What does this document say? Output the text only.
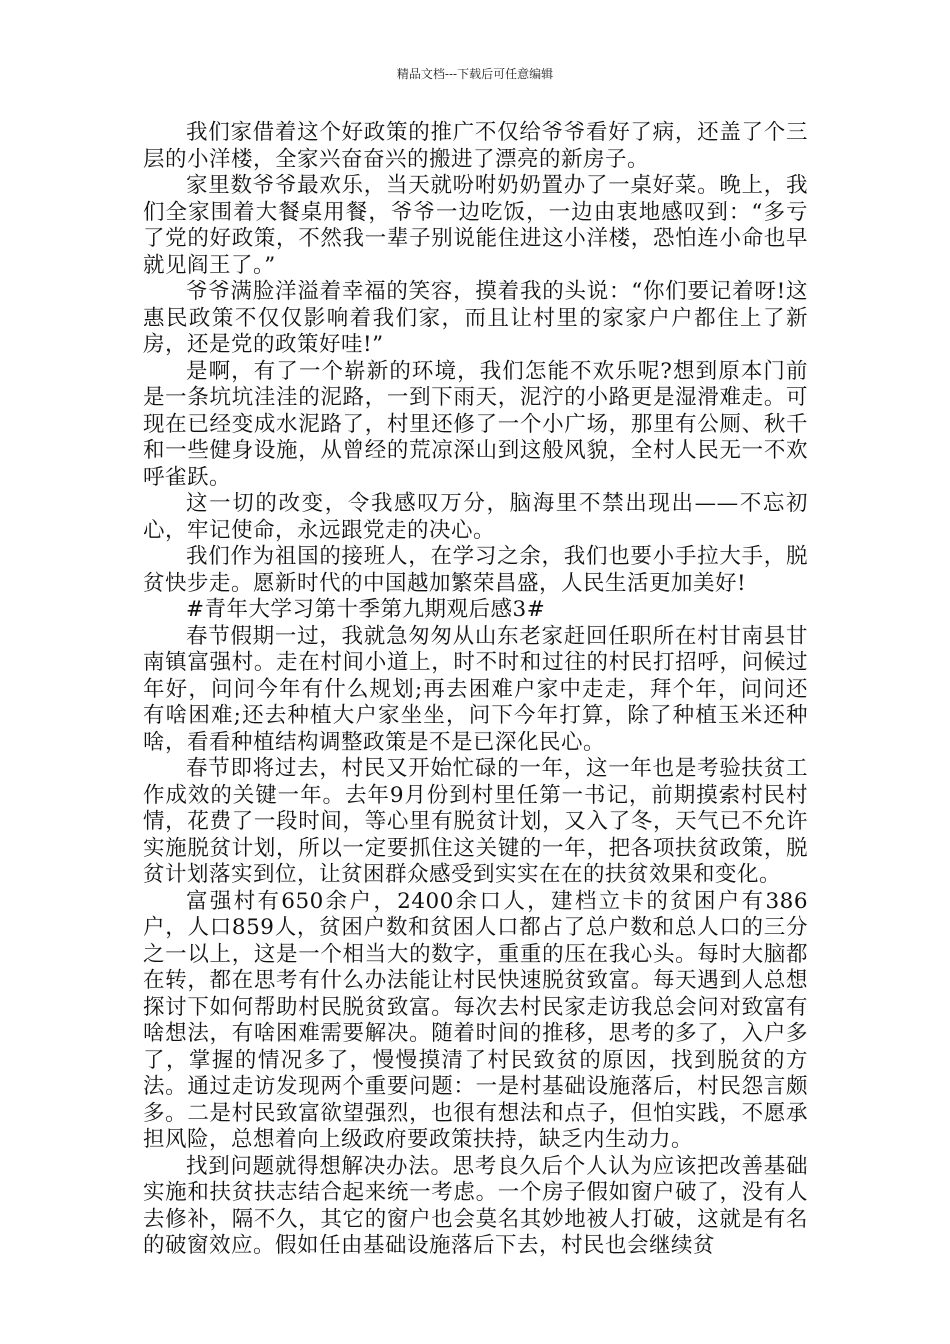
精品文档---下载后可任意编辑

我们家借着这个好政策的推广不仅给爷爷看好了病，还盖了个三层的小洋楼，全家兴奋奋兴的搬进了漂亮的新房子。

家里数爷爷最欢乐，当天就吩咐奶奶置办了一桌好菜。晚上，我们全家围着大餐桌用餐，爷爷一边吃饭，一边由衷地感叹到：“多亏了党的好政策，不然我一辈子别说能住进这小洋楼，恐怕连小命也早就见阎王了。”

爷爷满脸洋溢着幸福的笑容，摸着我的头说：“你们要记着呀!这惠民政策不仅仅影响着我们家，而且让村里的家家户户都住上了新房，还是党的政策好哇!”

是啊，有了一个崭新的环境，我们怎能不欢乐呢?想到原本门前是一条坑坑洼洼的泥路，一到下雨天，泥泞的小路更是湿滑难走。可现在已经变成水泥路了，村里还修了一个小广场，那里有公厕、秋千和一些健身设施，从曾经的荒凉深山到这般风貌，全村人民无一不欢呼雀跃。

这一切的改变，令我感叹万分，脑海里不禁出现出——不忘初心，牢记使命，永远跟党走的决心。

我们作为祖国的接班人，在学习之余，我们也要小手拉大手，脱贫快步走。愿新时代的中国越加繁荣昌盛，人民生活更加美好!

#青年大学习第十季第九期观后感3#

春节假期一过，我就急匆匆从山东老家赶回任职所在村甘南县甘南镇富强村。走在村间小道上，时不时和过往的村民打招呼，问候过年好，问问今年有什么规划;再去困难户家中走走，拜个年，问问还有啥困难;还去种植大户家坐坐，问下今年打算，除了种植玉米还种啥，看看种植结构调整政策是不是已深化民心。

春节即将过去，村民又开始忙碌的一年，这一年也是考验扶贫工作成效的关键一年。去年9月份到村里任第一书记，前期摸索村民村情，花费了一段时间，等心里有脱贫计划，又入了冬，天气已不允许实施脱贫计划，所以一定要抓住这关键的一年，把各项扶贫政策，脱贫计划落实到位，让贫困群众感受到实实在在的扶贫效果和变化。

富强村有650余户，2400余口人，建档立卡的贫困户有386户，人口859人，贫困户数和贫困人口都占了总户数和总人口的三分之一以上，这是一个相当大的数字，重重的压在我心头。每时大脑都在转，都在思考有什么办法能让村民快速脱贫致富。每天遇到人总想探讨下如何帮助村民脱贫致富。每次去村民家走访我总会问对致富有啥想法，有啥困难需要解决。随着时间的推移，思考的多了，入户多了，掌握的情况多了，慢慢摸清了村民致贫的原因，找到脱贫的方法。通过走访发现两个重要问题：一是村基础设施落后，村民怨言颇多。二是村民致富欲望强烈，也很有想法和点子，但怕实践，不愿承担风险，总想着向上级政府要政策扶持，缺乏内生动力。

找到问题就得想解决办法。思考良久后个人认为应该把改善基础实施和扶贫扶志结合起来统一考虑。一个房子假如窗户破了，没有人去修补，隔不久，其它的窗户也会莫名其妙地被人打破，这就是有名的破窗效应。假如任由基础设施落后下去，村民也会继续贫
